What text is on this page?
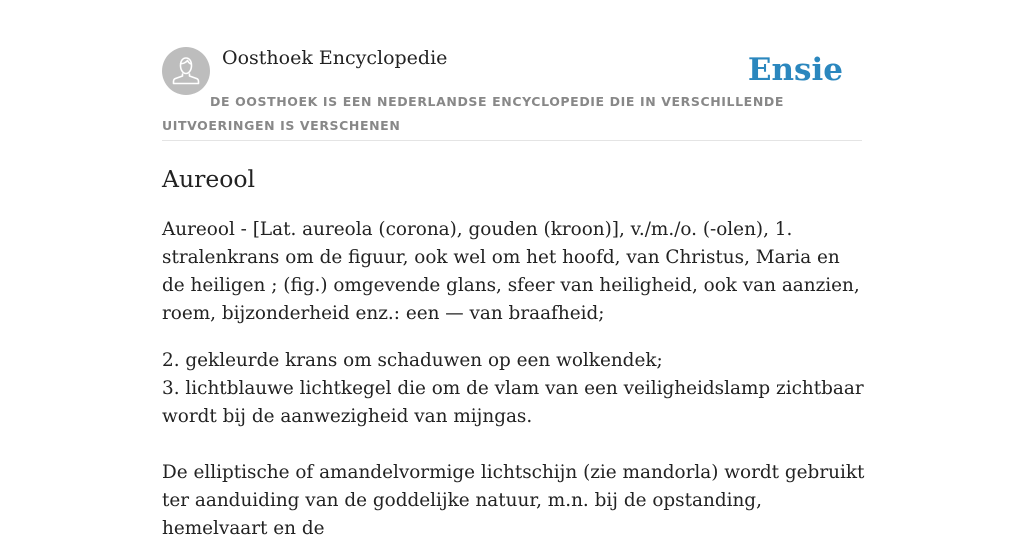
Oosthoek Encyclopedie	Ensie
DE OOSTHOEK IS EEN NEDERLANDSE ENCYCLOPEDIE DIE IN VERSCHILLENDE UITVOERINGEN IS VERSCHENEN
Aureool

Aureool - [Lat. aureola (corona), gouden (kroon)], v./m./o. (-olen), 1. stralenkrans om de figuur, ook wel om het hoofd, van Christus, Maria en de heiligen ; (fig.) omgevende glans, sfeer van heiligheid, ook van aanzien, roem, bijzonderheid enz.: een — van braafheid;

2. gekleurde krans om schaduwen op een wolkendek;
3. lichtblauwe lichtkegel die om de vlam van een veiligheidslamp zichtbaar wordt bij de aanwezigheid van mijngas.

De elliptische of amandelvormige lichtschijn (zie mandorla) wordt gebruikt ter aanduiding van de goddelijke natuur, m.n. bij de opstanding, hemelvaart en de
